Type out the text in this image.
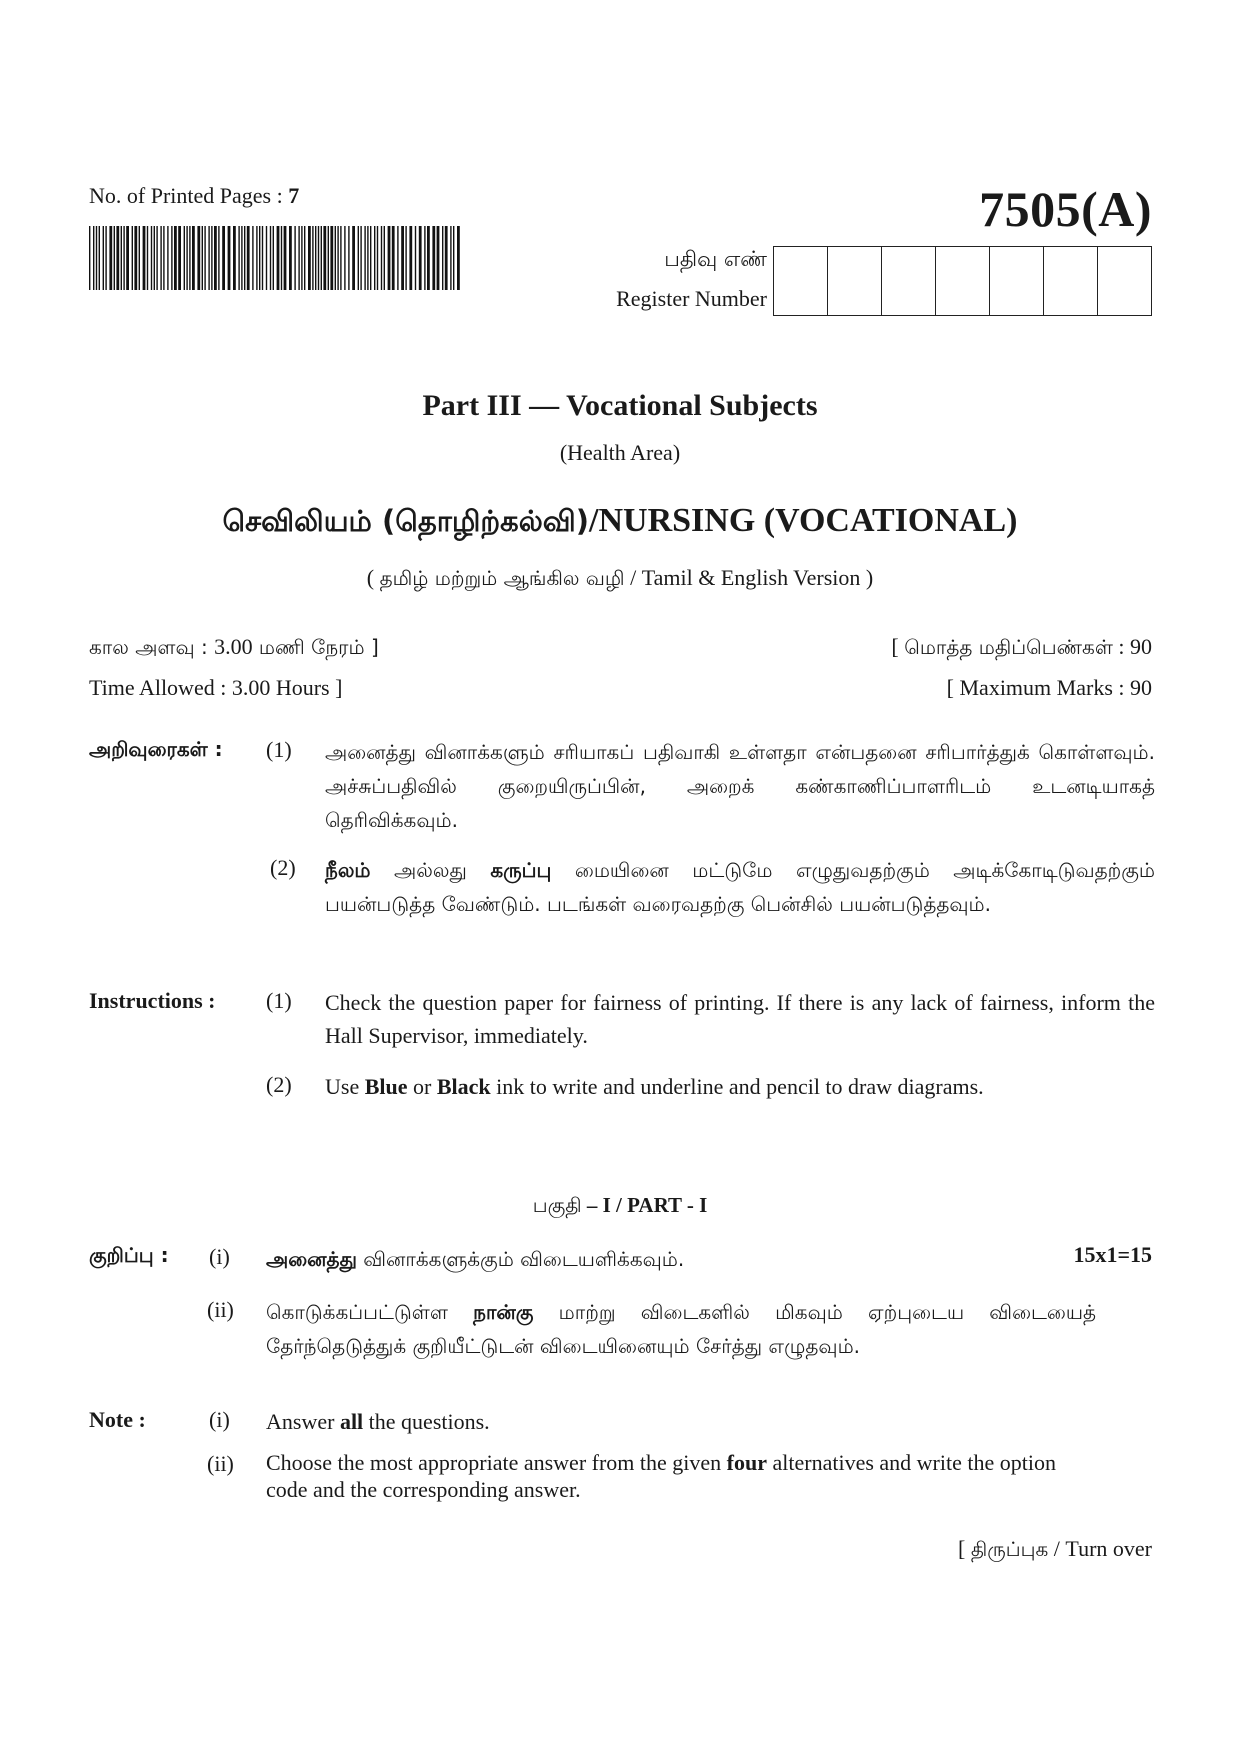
No. of Printed Pages : 7	7505(A)
பதிவு எண்
Register Number
Part III — Vocational Subjects
(Health Area)
செவிலியம் (தொழிற்கல்வி)/NURSING (VOCATIONAL)
( தமிழ் மற்றும் ஆங்கில வழி / Tamil & English Version )
கால அளவு : 3.00 மணி நேரம் ]	[ மொத்த மதிப்பெண்கள் : 90
Time Allowed : 3.00 Hours ]	[ Maximum Marks : 90
அறிவுரைகள் : (1) அனைத்து வினாக்களும் சரியாகப் பதிவாகி உள்ளதா என்பதனை சரிபார்த்துக் கொள்ளவும். அச்சுப்பதிவில் குறையிருப்பின், அறைக் கண்காணிப்பாளரிடம் உடனடியாகத் தெரிவிக்கவும்.
(2) நீலம் அல்லது கருப்பு மையினை மட்டுமே எழுதுவதற்கும் அடிக்கோடிடுவதற்கும் பயன்படுத்த வேண்டும். படங்கள் வரைவதற்கு பென்சில் பயன்படுத்தவும்.
Instructions : (1) Check the question paper for fairness of printing. If there is any lack of fairness, inform the Hall Supervisor, immediately.
(2) Use Blue or Black ink to write and underline and pencil to draw diagrams.
பகுதி – I / PART - I
குறிப்பு : (i) அனைத்து வினாக்களுக்கும் விடையளிக்கவும்.	15x1=15
(ii) கொடுக்கப்பட்டுள்ள நான்கு மாற்று விடைகளில் மிகவும் ஏற்புடைய விடையைத் தேர்ந்தெடுத்துக் குறியீட்டுடன் விடையினையும் சேர்த்து எழுதவும்.
Note :	(i) Answer all the questions.
(ii) Choose the most appropriate answer from the given four alternatives and write the option code and the corresponding answer.
[ திருப்புக / Turn over
